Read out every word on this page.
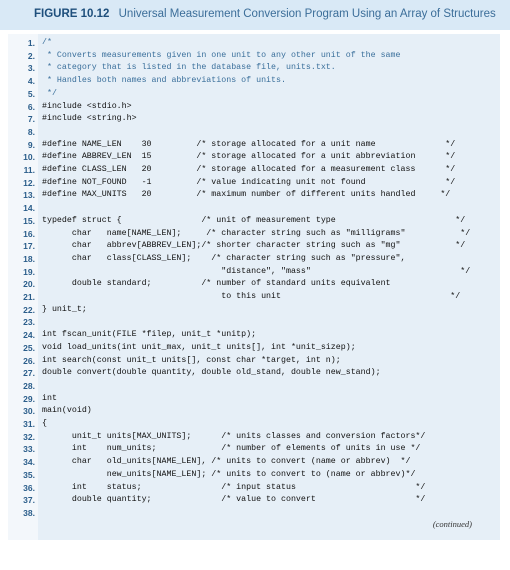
FIGURE 10.12 Universal Measurement Conversion Program Using an Array of Structures
1. /*
2. * Converts measurements given in one unit to any other unit of the same
3. * category that is listed in the database file, units.txt.
4. * Handles both names and abbreviations of units.
5. */
6. #include <stdio.h>
7. #include <string.h>
8.
9. #define NAME_LEN    30         /* storage allocated for a unit name              */
10. #define ABBREV_LEN  15         /* storage allocated for a unit abbreviation      */
11. #define CLASS_LEN   20         /* storage allocated for a measurement class      */
12. #define NOT_FOUND   -1         /* value indicating unit not found                */
13. #define MAX_UNITS   20         /* maximum number of different units handled     */
14.
15. typedef struct {                /* unit of measurement type                        */
16. char   name[NAME_LEN];     /* character string such as "milligrams"           */
17. char   abbrev[ABBREV_LEN];/* shorter character string such as "mg"           */
18. char   class[CLASS_LEN];    /* character string such as "pressure",
19. "distance", "mass"                              */
20. double standard;          /* number of standard units equivalent
21. to this unit                                  */
22. } unit_t;
23.
24. int fscan_unit(FILE *filep, unit_t *unitp);
25. void load_units(int unit_max, unit_t units[], int *unit_sizep);
26. int search(const unit_t units[], const char *target, int n);
27. double convert(double quantity, double old_stand, double new_stand);
28.
29. int
30. main(void)
31. {
32. unit_t units[MAX_UNITS];      /* units classes and conversion factors*/
33. int    num_units;             /* number of elements of units in use */
34. char   old_units[NAME_LEN], /* units to convert (name or abbrev)  */
35. new_units[NAME_LEN]; /* units to convert to (name or abbrev)*/
36. int    status;                /* input status                        */
37. double quantity;              /* value to convert                    */
38.
(continued)
